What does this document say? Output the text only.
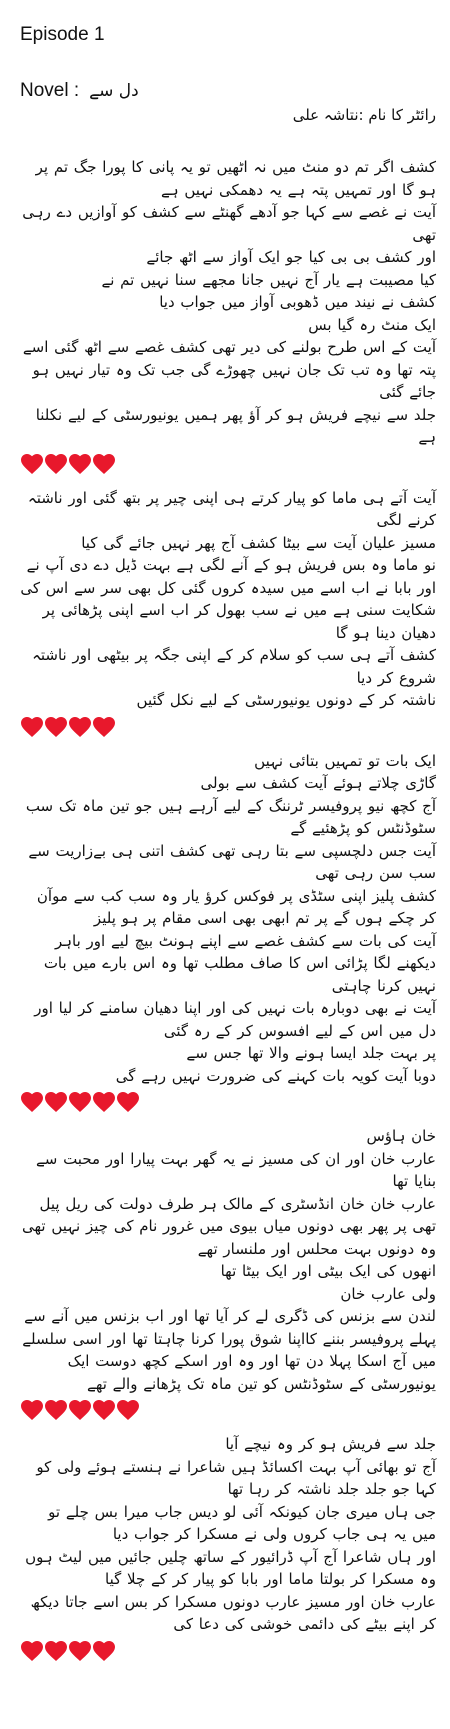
Episode 1
Novel : دل سے
رائٹر کا نام :نتاشہ علی

کشف اگر تم دو منٹ میں نہ اٹھیں تو یہ پانی کا پورا جگ تم پر ہو گا اور تمہیں پتہ ہے یہ دھمکی نہیں ہے

آیت نے غصے سے کہا جو آدھے گھنٹے سے کشف کو آوازیں دے رہی تھی

اور کشف بی بی کیا جو ایک آواز سے اٹھ جائے

کیا مصیبت ہے یار آج نہیں جانا مجھے سنا نہیں تم نے

کشف نے نیند میں ڈھوبی آواز میں جواب دیا

ایک منٹ رہ گیا بس

آیت کے اس طرح بولنے کی دیر تھی کشف غصے سے اٹھ گئی اسے پتہ تھا وہ تب تک جان نہیں چھوڑے گی جب تک وہ تیار نہیں ہو جائے گئی

جلد سے نیچے فریش ہو کر آؤ پھر ہمیں یونیورسٹی کے لیے نکلنا ہے

آیت آتے ہی ماما کو پیار کرتے ہی اپنی چیر پر بتھ گئی اور ناشتہ کرنے لگی

مسیز علیان آیت سے بیٹا کشف آج پھر نہیں جائے گی کیا

نو ماما وہ بس فریش ہو کے آنے لگی ہے بہت ڈیل دے دی آپ نے اور بابا نے اب اسے میں سیدہ کروں گئی کل بھی سر سے اس کی شکایت سنی ہے میں نے سب بھول کر اب اسے اپنی پڑھائی پر دھیان دینا ہو گا

کشف آتے ہی سب کو سلام کر کے اپنی جگہ پر بیٹھی اور ناشتہ شروع کر دیا

ناشتہ کر کے دونوں یونیورسٹی کے لیے نکل گئیں

ایک بات تو تمہیں بتائی نہیں

گاڑی چلاتے ہوئے آیت کشف سے بولی

آج کچھ نیو پروفیسر ٹرننگ کے لیے آرہے ہیں جو تین ماہ تک سب سٹوڈنٹس کو پڑھئیے گے

آیت جس دلچسپی سے بتا رہی تھی کشف اتنی ہی بےزاریت سے سب سن رہی تھی

کشف پلیز اپنی سٹڈی پر فوکس کرؤ یار وہ سب کب سے موآن کر چکے ہوں گے پر تم ابھی بھی اسی مقام پر ہو پلیز

آیت کی بات سے کشف غصے سے اپنے ہونٹ بیچ لیے اور باہر دیکھنے لگا پڑائی اس کا صاف مطلب تھا وہ اس بارے میں بات نہیں کرنا چاہتی

آیت نے بھی دوبارہ بات نہیں کی اور اپنا دھیان سامنے کر لیا اور دل میں اس کے لیے افسوس کر کے رہ گئی

پر بہت جلد ایسا ہونے والا تھا جس سے

دوبا آیت کویہ بات کہنے کی ضرورت نہیں رہے گی

خان ہاؤس

عارب خان اور ان کی مسیز نے یہ گھر بہت پیارا اور محبت سے بنایا تھا

عارب خان خان انڈسٹری کے مالک ہر طرف دولت کی ریل پیل تھی پر پھر بھی دونوں میاں بیوی میں غرور نام کی چیز نہیں تھی وہ دونوں بہت محلس اور ملنسار تھے

انھوں کی ایک بیٹی اور ایک بیٹا تھا

ولی عارب خان

لندن سے بزنس کی ڈگری لے کر آیا تھا اور اب بزنس میں آنے سے پہلے پروفیسر بننے کااپنا شوق پورا کرنا چاہتا تھا اور اسی سلسلے میں آج اسکا پہلا دن تھا اور وہ اور اسکے کچھ دوست ایک یونیورسٹی کے سٹوڈنٹس کو تین ماہ تک پڑھانے والے تھے

جلد سے فریش ہو کر وہ نیچے آیا

آج تو بھائی آپ بہت اکسائڈ ہیں شاعرا نے ہنستے ہوئے ولی کو کہا جو جلد جلد ناشتہ کر رہا تھا

جی ہاں میری جان کیونکہ آئی لو دیس جاب میرا بس چلے تو میں یہ ہی جاب کروں ولی نے مسکرا کر جواب دیا

اور ہاں شاعرا آج آپ ڈرائیور کے ساتھ چلیں جائیں میں لیٹ ہوں

وہ مسکرا کر بولتا ماما اور بابا کو پیار کر کے چلا گیا

عارب خان اور مسیز عارب دونوں مسکرا کر بس اسے جاتا دیکھ کر اپنے بیٹے کی دائمی خوشی کی دعا کی
